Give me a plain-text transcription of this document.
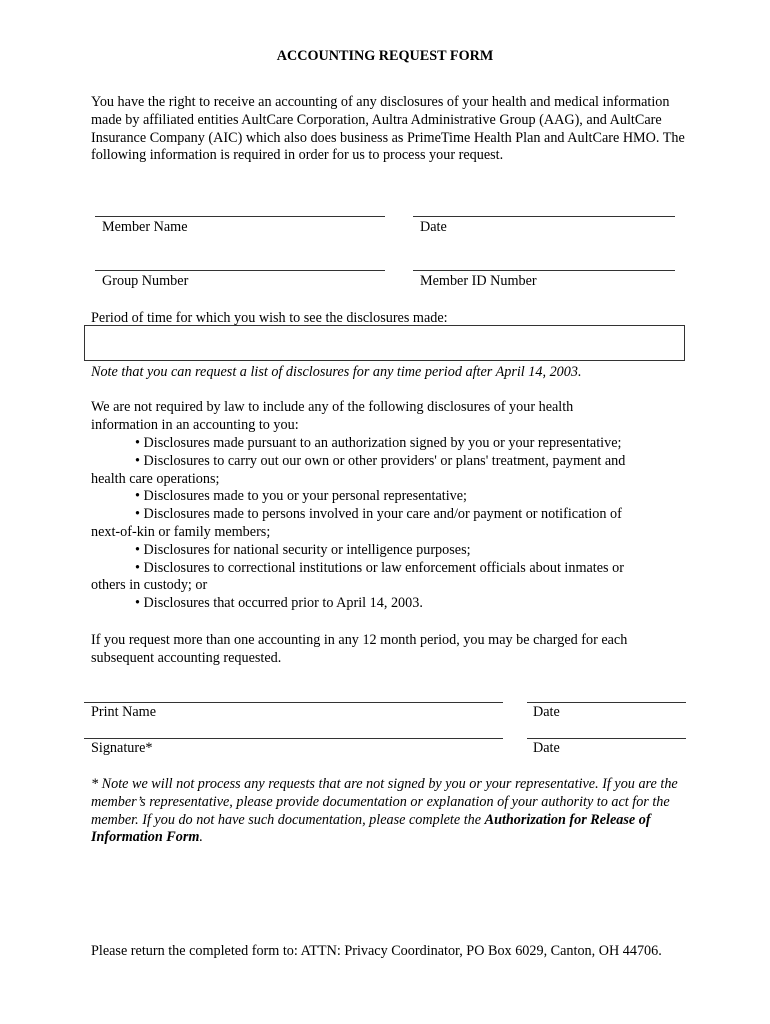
ACCOUNTING REQUEST FORM
You have the right to receive an accounting of any disclosures of your health and medical information made by affiliated entities AultCare Corporation, Aultra Administrative Group (AAG), and AultCare Insurance Company (AIC) which also does business as PrimeTime Health Plan and AultCare HMO. The following information is required in order for us to process your request.
Member Name	Date
Group Number	Member ID Number
Period of time for which you wish to see the disclosures made:
Note that you can request a list of disclosures for any time period after April 14, 2003.
We are not required by law to include any of the following disclosures of your health information in an accounting to you:
• Disclosures made pursuant to an authorization signed by you or your representative;
• Disclosures to carry out our own or other providers' or plans' treatment, payment and
health care operations;
• Disclosures made to you or your personal representative;
• Disclosures made to persons involved in your care and/or payment or notification of
next-of-kin or family members;
• Disclosures for national security or intelligence purposes;
• Disclosures to correctional institutions or law enforcement officials about inmates or
others in custody; or
• Disclosures that occurred prior to April 14, 2003.
If you request more than one accounting in any 12 month period, you may be charged for each subsequent accounting requested.
Print Name	Date
Signature*	Date
* Note we will not process any requests that are not signed by you or your representative. If you are the member’s representative, please provide documentation or explanation of your authority to act for the member. If you do not have such documentation, please complete the Authorization for Release of Information Form.
Please return the completed form to: ATTN: Privacy Coordinator, PO Box 6029, Canton, OH 44706.
